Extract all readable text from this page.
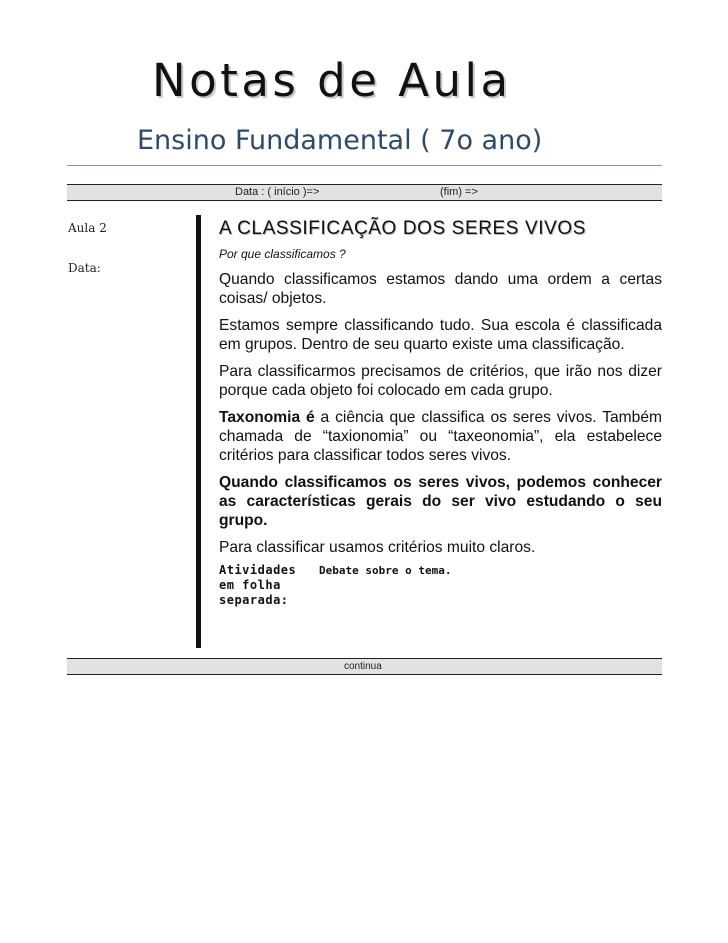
Notas de Aula
Ensino Fundamental ( 7o ano)
Data : ( início )=>	(fim) =>
Aula 2
Data:
A CLASSIFICAÇÃO DOS SERES VIVOS

Por que classificamos ?

Quando classificamos estamos dando uma ordem a certas coisas/ objetos.

Estamos sempre classificando tudo. Sua escola é classificada em grupos. Dentro de seu quarto existe uma classificação.

Para classificarmos precisamos de critérios, que irão nos dizer porque cada objeto foi colocado em cada grupo.

Taxonomia é a ciência que classifica os seres vivos. Também chamada de “taxionomia” ou “taxeonomia”, ela estabelece critérios para classificar todos seres vivos.

Quando classificamos os seres vivos, podemos conhecer as características gerais do ser vivo estudando o seu grupo.

Para classificar usamos critérios muito claros.

Atividades em folha separada:
Debate sobre o tema.
continua
